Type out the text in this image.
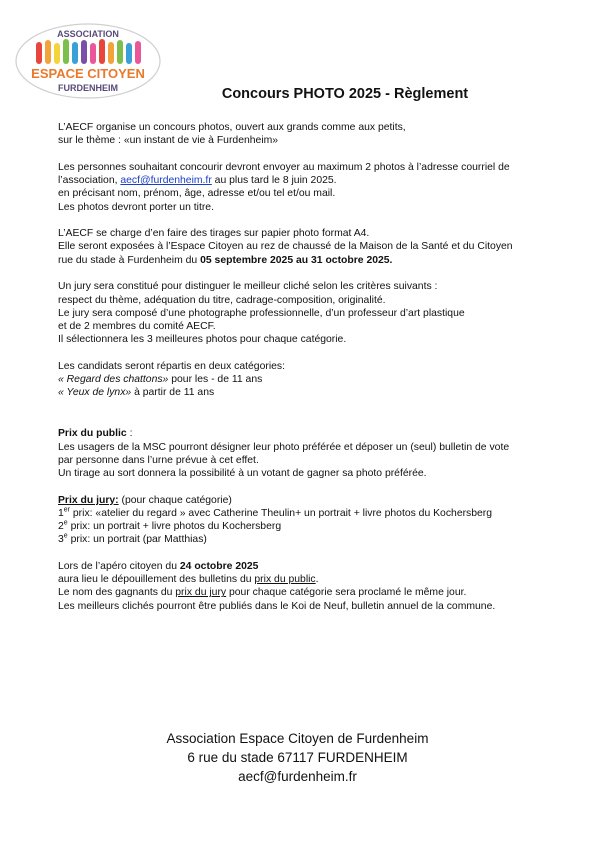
ASSOCIATION
ESPACE CITOYEN
FURDENHEIM	Concours PHOTO 2025 - Règlement

L’AECF organise un concours photos, ouvert aux grands comme aux petits,
sur le thème : «un instant de vie à Furdenheim»

Les personnes souhaitant concourir devront envoyer au maximum 2 photos à l’adresse courriel de
l’association, aecf@furdenheim.fr au plus tard le 8 juin 2025.
en précisant nom, prénom, âge, adresse et/ou tel et/ou mail.
Les photos devront porter un titre.

L’AECF se charge d’en faire des tirages sur papier photo format A4.
Elle seront exposées à l’Espace Citoyen au rez de chaussé de la Maison de la Santé et du Citoyen
rue du stade à Furdenheim du 05 septembre 2025 au 31 octobre 2025.

Un jury sera constitué pour distinguer le meilleur cliché selon les critères suivants :
respect du thème, adéquation du titre, cadrage-composition, originalité.
Le jury sera composé d’une photographe professionnelle, d’un professeur d’art plastique
et de 2 membres du comité AECF.
Il sélectionnera les 3 meilleures photos pour chaque catégorie.

Les candidats seront répartis en deux catégories:
« Regard des chattons» pour les - de 11 ans
« Yeux de lynx» à partir de 11 ans

Prix du public :
Les usagers de la MSC pourront désigner leur photo préférée et déposer un (seul) bulletin de vote
par personne dans l’urne prévue à cet effet.
Un tirage au sort donnera la possibilité à un votant de gagner sa photo préférée.

Prix du jury: (pour chaque catégorie)
1er prix: «atelier du regard » avec Catherine Theulin+ un portrait + livre photos du Kochersberg
2e prix: un portrait + livre photos du Kochersberg
3e prix: un portrait (par Matthias)

Lors de l’apéro citoyen du 24 octobre 2025
aura lieu le dépouillement des bulletins du prix du public.
Le nom des gagnants du prix du jury pour chaque catégorie sera proclamé le même jour.
Les meilleurs clichés pourront être publiés dans le Koi de Neuf, bulletin annuel de la commune.

Association Espace Citoyen de Furdenheim
6 rue du stade 67117 FURDENHEIM
aecf@furdenheim.fr
